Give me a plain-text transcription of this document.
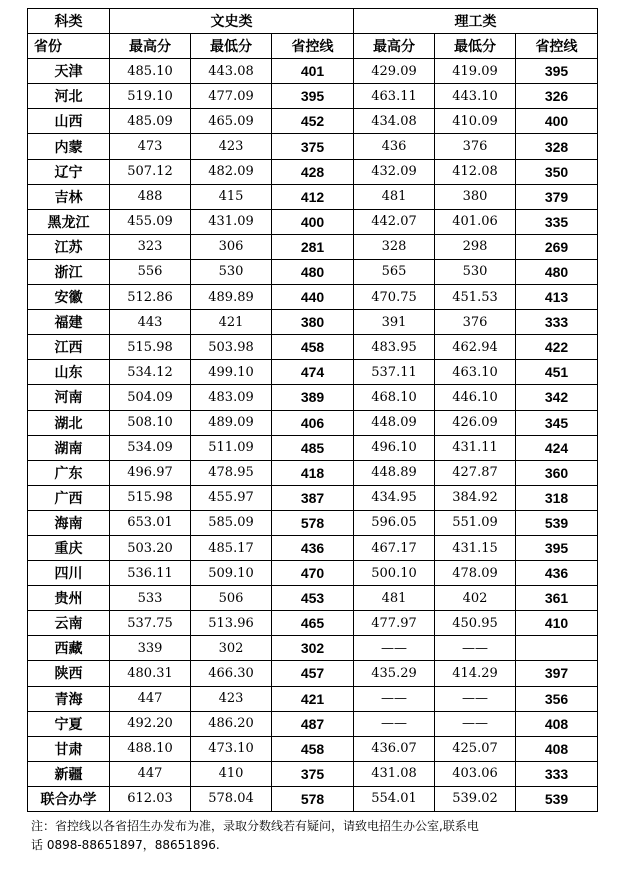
科类	文史类			理工类		
省份	最高分	最低分	省控线	最高分	最低分	省控线
天津	485.10	443.08	401	429.09	419.09	395
河北	519.10	477.09	395	463.11	443.10	326
山西	485.09	465.09	452	434.08	410.09	400
内蒙	473	423	375	436	376	328
辽宁	507.12	482.09	428	432.09	412.08	350
吉林	488	415	412	481	380	379
黑龙江	455.09	431.09	400	442.07	401.06	335
江苏	323	306	281	328	298	269
浙江	556	530	480	565	530	480
安徽	512.86	489.89	440	470.75	451.53	413
福建	443	421	380	391	376	333
江西	515.98	503.98	458	483.95	462.94	422
山东	534.12	499.10	474	537.11	463.10	451
河南	504.09	483.09	389	468.10	446.10	342
湖北	508.10	489.09	406	448.09	426.09	345
湖南	534.09	511.09	485	496.10	431.11	424
广东	496.97	478.95	418	448.89	427.87	360
广西	515.98	455.97	387	434.95	384.92	318
海南	653.01	585.09	578	596.05	551.09	539
重庆	503.20	485.17	436	467.17	431.15	395
四川	536.11	509.10	470	500.10	478.09	436
贵州	533	506	453	481	402	361
云南	537.75	513.96	465	477.97	450.95	410
西藏	339	302	302	——	——	
陕西	480.31	466.30	457	435.29	414.29	397
青海	447	423	421	——	——	356
宁夏	492.20	486.20	487	——	——	408
甘肃	488.10	473.10	458	436.07	425.07	408
新疆	447	410	375	431.08	403.06	333
联合办学	612.03	578.04	578	554.01	539.02	539
注：省控线以各省招生办发布为准，录取分数线若有疑问，请致电招生办公室,联系电
话 0898-88651897，88651896.
